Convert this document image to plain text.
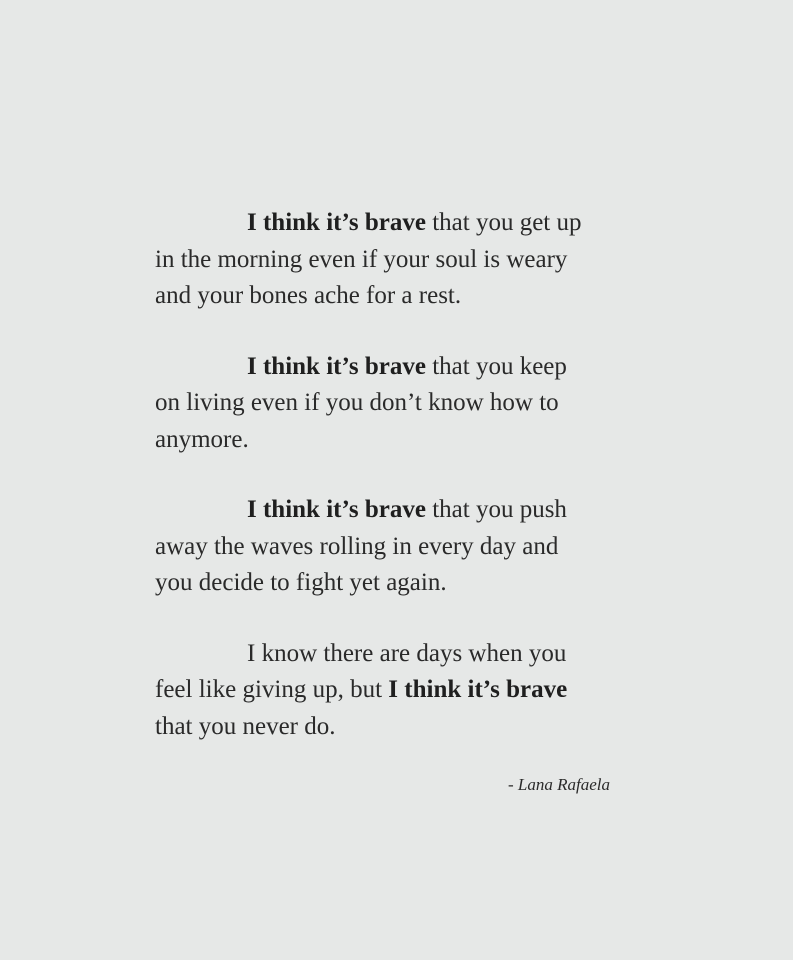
I think it’s brave that you get up
in the morning even if your soul is weary
and your bones ache for a rest.
I think it’s brave that you keep
on living even if you don’t know how to
anymore.
I think it’s brave that you push
away the waves rolling in every day and
you decide to fight yet again.
I know there are days when you
feel like giving up, but I think it’s brave
that you never do.
- Lana Rafaela
